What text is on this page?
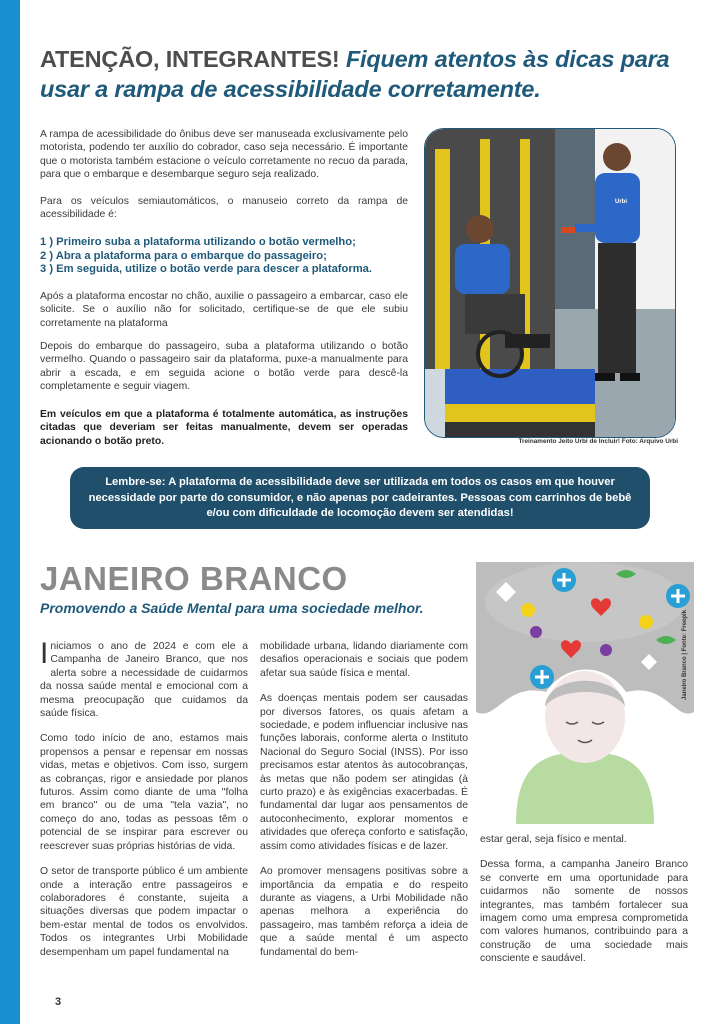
ATENÇÃO, INTEGRANTES! Fiquem atentos às dicas para usar a rampa de acessibilidade corretamente.

A rampa de acessibilidade do ônibus deve ser manuseada exclusivamente pelo motorista, podendo ter auxílio do cobrador, caso seja necessário. É importante que o motorista também estacione o veículo corretamente no recuo da parada, para que o embarque e desembarque seguro seja realizado.

Para os veículos semiautomáticos, o manuseio correto da rampa de acessibilidade é:

1 ) Primeiro suba a plataforma utilizando o botão vermelho;
2 ) Abra a plataforma para o embarque do passageiro;
3 ) Em seguida, utilize o botão verde para descer a plataforma.

Após a plataforma encostar no chão, auxilie o passageiro a embarcar, caso ele solicite. Se o auxílio não for solicitado, certifique-se de que ele subiu corretamente na plataforma

Depois do embarque do passageiro, suba a plataforma utilizando o botão vermelho. Quando o passageiro sair da plataforma, puxe-a manualmente para abrir a escada, e em seguida acione o botão verde para descê-la completamente e seguir viagem.

Em veículos em que a plataforma é totalmente automática, as instruções citadas que deveriam ser feitas manualmente, devem ser operadas acionando o botão preto.

Urbi
Treinamento Jeito Urbi de Incluir! Foto: Arquivo Urbi
Lembre-se: A plataforma de acessibilidade deve ser utilizada em todos os casos em que houver necessidade por parte do consumidor, e não apenas por cadeirantes. Pessoas com carrinhos de bebê e/ou com dificuldade de locomoção devem ser atendidas!
JANEIRO BRANCO
Promovendo a Saúde Mental para uma sociedade melhor.

Iniciamos o ano de 2024 e com ele a Campanha de Janeiro Branco, que nos alerta sobre a necessidade de cuidarmos da nossa saúde mental e emocional com a mesma preocupação que cuidamos da saúde física.

Como todo início de ano, estamos mais propensos a pensar e repensar em nossas vidas, metas e objetivos. Com isso, surgem as cobranças, rigor e ansiedade por planos futuros. Assim como diante de uma "folha em branco" ou de uma "tela vazia", no começo do ano, todas as pessoas têm o potencial de se inspirar para escrever ou reescrever suas próprias histórias de vida.

O setor de transporte público é um ambiente onde a interação entre passageiros e colaboradores é constante, sujeita a situações diversas que podem impactar o bem-estar mental de todos os envolvidos. Todos os integrantes Urbi Mobilidade desempenham um papel fundamental na

mobilidade urbana, lidando diariamente com desafios operacionais e sociais que podem afetar sua saúde física e mental.

As doenças mentais podem ser causadas por diversos fatores, os quais afetam a sociedade, e podem influenciar inclusive nas funções laborais, conforme alerta o Instituto Nacional do Seguro Social (INSS). Por isso precisamos estar atentos às autocobranças, às metas que não podem ser atingidas (à curto prazo) e às exigências exacerbadas. É fundamental dar lugar aos pensamentos de autoconhecimento, explorar momentos e atividades que ofereça conforto e satisfação, assim como atividades físicas e de lazer.

Ao promover mensagens positivas sobre a importância da empatia e do respeito durante as viagens, a Urbi Mobilidade não apenas melhora a experiência do passageiro, mas também reforça a ideia de que a saúde mental é um aspecto fundamental do bem-

estar geral, seja físico e mental.

Dessa forma, a campanha Janeiro Branco se converte em uma oportunidade para cuidarmos não somente de nossos integrantes, mas também fortalecer sua imagem como uma empresa comprometida com valores humanos, contribuindo para a construção de uma sociedade mais consciente e saudável.

Janeiro Branco | Fonte: Freepik
3
